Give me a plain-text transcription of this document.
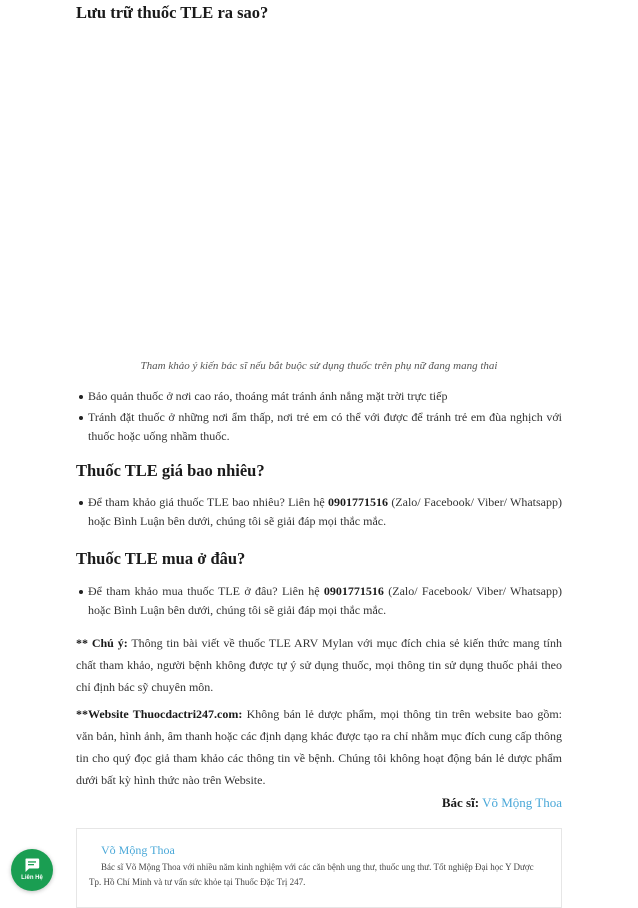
Lưu trữ thuốc TLE ra sao?
Tham khảo ý kiến bác sĩ nếu bắt buộc sử dụng thuốc trên phụ nữ đang mang thai
Bảo quản thuốc ở nơi cao ráo, thoáng mát tránh ánh nắng mặt trời trực tiếp
Tránh đặt thuốc ở những nơi ẩm thấp, nơi trẻ em có thể với được để tránh trẻ em đùa nghịch với thuốc hoặc uống nhầm thuốc.
Thuốc TLE giá bao nhiêu?
Để tham khảo giá thuốc TLE bao nhiêu? Liên hệ 0901771516 (Zalo/ Facebook/ Viber/ Whatsapp) hoặc Bình Luận bên dưới, chúng tôi sẽ giải đáp mọi thắc mắc.
Thuốc TLE mua ở đâu?
Để tham khảo mua thuốc TLE ở đâu? Liên hệ 0901771516 (Zalo/ Facebook/ Viber/ Whatsapp) hoặc Bình Luận bên dưới, chúng tôi sẽ giải đáp mọi thắc mắc.

** Chú ý: Thông tin bài viết về thuốc TLE ARV Mylan với mục đích chia sẻ kiến thức mang tính chất tham khảo, người bệnh không được tự ý sử dụng thuốc, mọi thông tin sử dụng thuốc phải theo chỉ định bác sỹ chuyên môn.

**Website Thuocdactri247.com: Không bán lẻ dược phẩm, mọi thông tin trên website bao gồm: văn bản, hình ảnh, âm thanh hoặc các định dạng khác được tạo ra chỉ nhằm mục đích cung cấp thông tin cho quý đọc giả tham khảo các thông tin về bệnh. Chúng tôi không hoạt động bán lẻ dược phẩm dưới bất kỳ hình thức nào trên Website.

Bác sĩ: Võ Mộng Thoa
Võ Mộng Thoa
Bác sĩ Võ Mộng Thoa với nhiều năm kinh nghiệm với các căn bệnh ung thư, thuốc ung thư. Tốt nghiệp Đại học Y Dược Tp. Hồ Chí Minh và tư vấn sức khỏe tại Thuốc Đặc Trị 247.
Liên Hệ
